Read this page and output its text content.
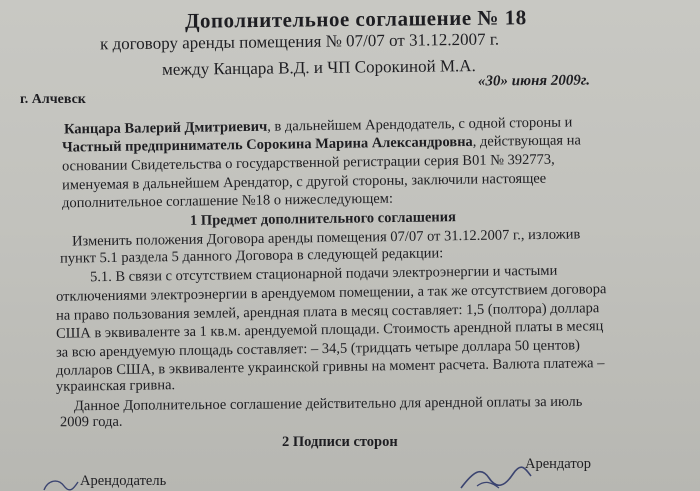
Дополнительное соглашение № 18
к договору аренды помещения № 07/07 от 31.12.2007 г.
между Канцара В.Д. и ЧП Сорокиной М.А.
«30» июня 2009г.
г. Алчевск
Канцара Валерий Дмитриевич, в дальнейшем Арендодатель, с одной стороны и
Частный предприниматель Сорокина Марина Александровна, действующая на
основании Свидетельства о государственной регистрации серия В01 № 392773,
именуемая в дальнейшем Арендатор, с другой стороны, заключили настоящее
дополнительное соглашение №18 о нижеследующем:
1 Предмет дополнительного соглашения
Изменить положения Договора аренды помещения 07/07 от 31.12.2007 г., изложив
пункт 5.1 раздела 5 данного Договора в следующей редакции:
5.1. В связи с отсутствием стационарной подачи электроэнергии и частыми
отключениями электроэнергии в арендуемом помещении, а так же отсутствием договора
на право пользования землей, арендная плата в месяц составляет: 1,5 (полтора) доллара
США в эквиваленте за 1 кв.м. арендуемой площади. Стоимость арендной платы в месяц
за всю арендуемую площадь составляет: – 34,5 (тридцать четыре доллара 50 центов)
долларов США, в эквиваленте украинской гривны на момент расчета. Валюта платежа –
украинская гривна.
Данное Дополнительное соглашение действительно для арендной оплаты за июль
2009 года.
2 Подписи сторон
Арендатор
Арендодатель
